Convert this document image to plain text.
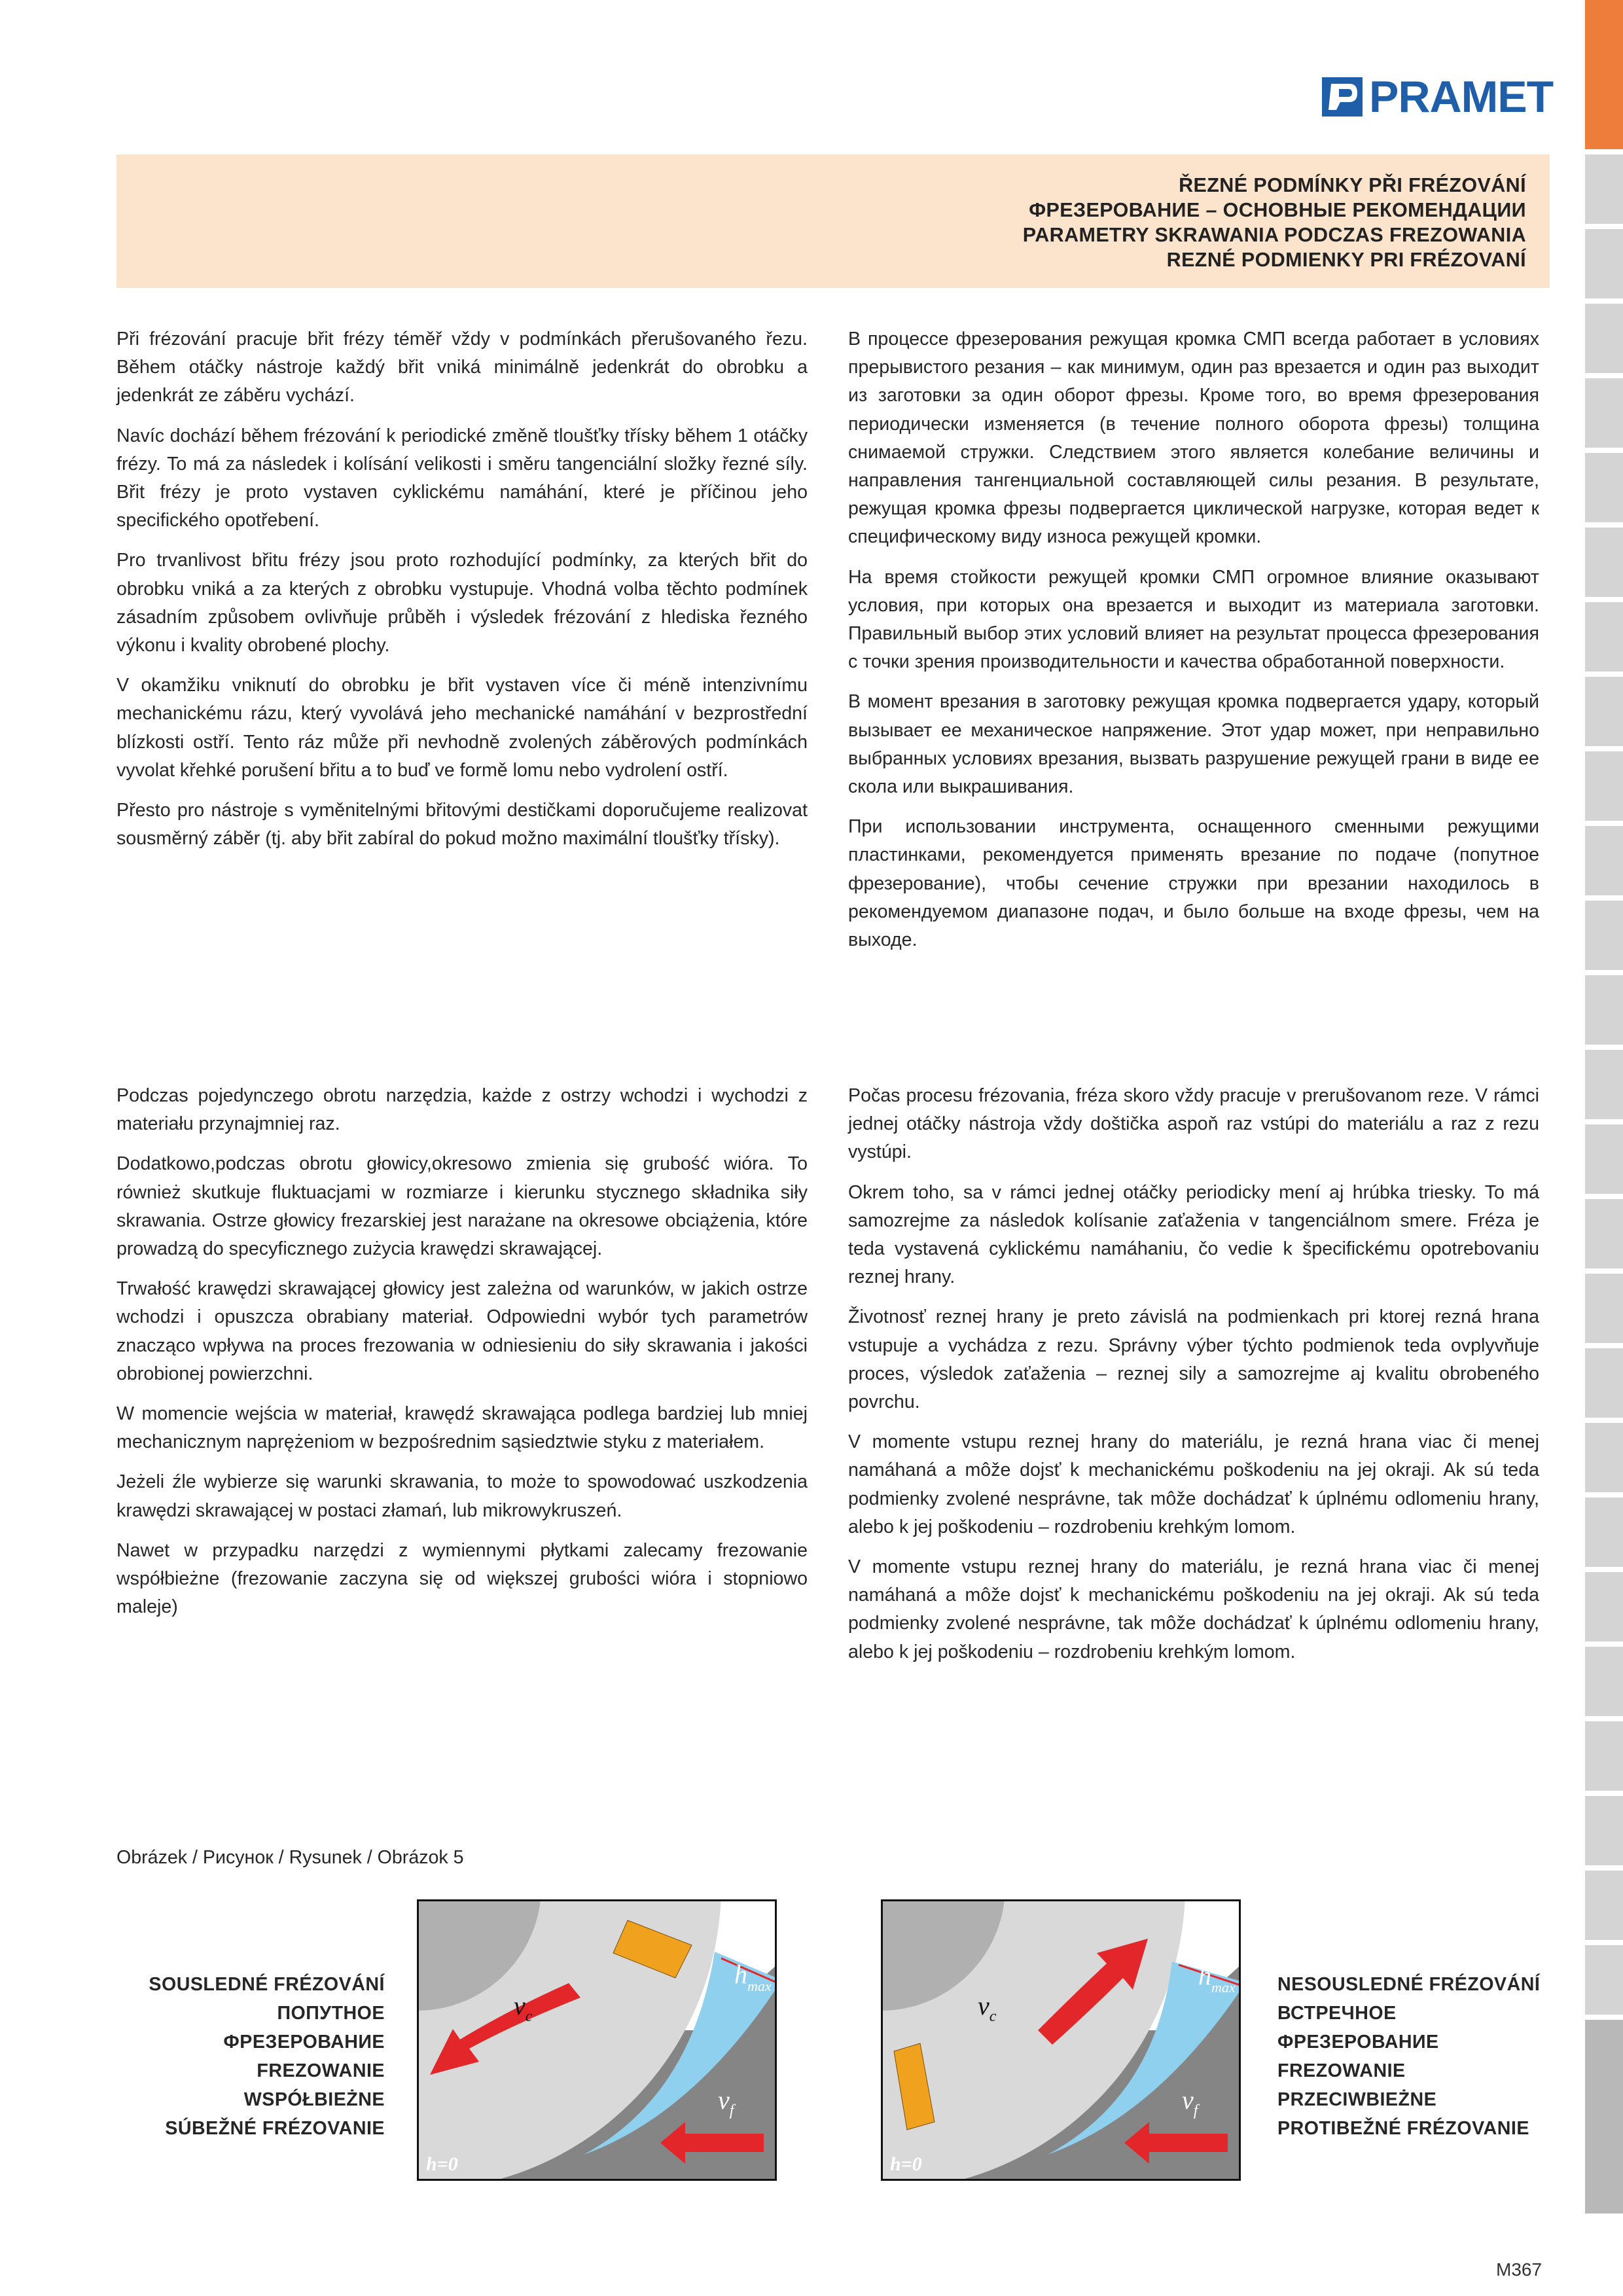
PRAMET
ŘEZNÉ PODMÍNKY PŘI FRÉZOVÁNÍ
ФРЕЗЕРОВАНИЕ – ОСНОВНЫЕ РЕКОМЕНДАЦИИ
PARAMETRY SKRAWANIA PODCZAS FREZOWANIA
REZNÉ PODMIENKY PRI FRÉZOVANÍ

Při frézování pracuje břit frézy téměř vždy v podmínkách přerušovaného řezu. Během otáčky nástroje každý břit vniká minimálně jedenkrát do obrobku a jedenkrát ze záběru vychází.

Navíc dochází během frézování k periodické změně tloušťky třísky během 1 otáčky frézy. To má za následek i kolísání velikosti i směru tangenciální složky řezné síly. Břit frézy je proto vystaven cyklickému namáhání, které je příčinou jeho specifického opotřebení.

Pro trvanlivost břitu frézy jsou proto rozhodující podmínky, za kterých břit do obrobku vniká a za kterých z obrobku vystupuje. Vhodná volba těchto podmínek zásadním způsobem ovlivňuje průběh i výsledek frézování z hlediska řezného výkonu i kvality obrobené plochy.

V okamžiku vniknutí do obrobku je břit vystaven více či méně intenzivnímu mechanickému rázu, který vyvolává jeho mechanické namáhání v bezprostřední blízkosti ostří. Tento ráz může při nevhodně zvolených záběrových podmínkách vyvolat křehké porušení břitu a to buď ve formě lomu nebo vydrolení ostří.

Přesto pro nástroje s vyměnitelnými břitovými destičkami doporučujeme realizovat sousměrný záběr (tj. aby břit zabíral do pokud možno maximální tloušťky třísky).

В процессе фрезерования режущая кромка СМП всегда работает в условиях прерывистого резания – как минимум, один раз врезается и один раз выходит из заготовки за один оборот фрезы. Кроме того, во время фрезерования периодически изменяется (в течение полного оборота фрезы) толщина снимаемой стружки. Следствием этого является колебание величины и направления тангенциальной составляющей силы резания. В результате, режущая кромка фрезы подвергается циклической нагрузке, которая ведет к специфическому виду износа режущей кромки.

На время стойкости режущей кромки СМП огромное влияние оказывают условия, при которых она врезается и выходит из материала заготовки. Правильный выбор этих условий влияет на результат процесса фрезерования с точки зрения производительности и качества обработанной поверхности.

В момент врезания в заготовку режущая кромка подвергается удару, который вызывает ее механическое напряжение. Этот удар может, при неправильно выбранных условиях врезания, вызвать разрушение режущей грани в виде ее скола или выкрашивания.

При использовании инструмента, оснащенного сменными режущими пластинками, рекомендуется применять врезание по подаче (попутное фрезерование), чтобы сечение стружки при врезании находилось в рекомендуемом диапазоне подач, и было больше на входе фрезы, чем на выходе.

Podczas pojedynczego obrotu narzędzia, każde z ostrzy wchodzi i wychodzi z materiału przynajmniej raz.

Dodatkowo,podczas obrotu głowicy,okresowo zmienia się grubość wióra. To również skutkuje fluktuacjami w rozmiarze i kierunku stycznego składnika siły skrawania. Ostrze głowicy frezarskiej jest narażane na okresowe obciążenia, które prowadzą do specyficznego zużycia krawędzi skrawającej.

Trwałość krawędzi skrawającej głowicy jest zależna od warunków, w jakich ostrze wchodzi i opuszcza obrabiany materiał. Odpowiedni wybór tych parametrów znacząco wpływa na proces frezowania w odniesieniu do siły skrawania i jakości obrobionej powierzchni.

W momencie wejścia w materiał, krawędź skrawająca podlega bardziej lub mniej mechanicznym naprężeniom w bezpośrednim sąsiedztwie styku z materiałem.

Jeżeli źle wybierze się warunki skrawania, to może to spowodować uszkodzenia krawędzi skrawającej w postaci złamań, lub mikrowykruszeń.

Nawet w przypadku narzędzi z wymiennymi płytkami zalecamy frezowanie współbieżne (frezowanie zaczyna się od większej grubości wióra i stopniowo maleje)

Počas procesu frézovania, fréza skoro vždy pracuje v prerušovanom reze. V rámci jednej otáčky nástroja vždy doštička aspoň raz vstúpi do materiálu a raz z rezu vystúpi.

Okrem toho, sa v rámci jednej otáčky periodicky mení aj hrúbka triesky. To má samozrejme za následok kolísanie zaťaženia v tangenciálnom smere. Fréza je teda vystavená cyklickému namáhaniu, čo vedie k špecifickému opotrebovaniu reznej hrany.

Životnosť reznej hrany je preto závislá na podmienkach pri ktorej rezná hrana vstupuje a vychádza z rezu. Správny výber týchto podmienok teda ovplyvňuje proces, výsledok zaťaženia – reznej sily a samozrejme aj kvalitu obrobeného povrchu.

V momente vstupu reznej hrany do materiálu, je rezná hrana viac či menej namáhaná a môže dojsť k mechanickému poškodeniu na jej okraji. Ak sú teda podmienky zvolené nesprávne, tak môže dochádzať k úplnému odlomeniu hrany, alebo k jej poškodeniu – rozdrobeniu krehkým lomom.

V momente vstupu reznej hrany do materiálu, je rezná hrana viac či menej namáhaná a môže dojsť k mechanickému poškodeniu na jej okraji. Ak sú teda podmienky zvolené nesprávne, tak môže dochádzať k úplnému odlomeniu hrany, alebo k jej poškodeniu – rozdrobeniu krehkým lomom.

Obrázek / Рисунок / Rysunek / Obrázok 5
SOUSLEDNÉ FRÉZOVÁNÍ
ПОПУТНОЕ ФРЕЗЕРОВАНИЕ
FREZOWANIE WSPÓŁBIEŻNE
SÚBEŽNÉ FRÉZOVANIE
$v_c$
$h_{max}$
$v_f$
h=0
$v_c$
$h_{max}$
$v_f$
h=0
NESOUSLEDNÉ FRÉZOVÁNÍ
ВСТРЕЧНОЕ ФРЕЗЕРОВАНИЕ
FREZOWANIE PRZECIWBIEŻNE
PROTIBEŽNÉ FRÉZOVANIE
M367
